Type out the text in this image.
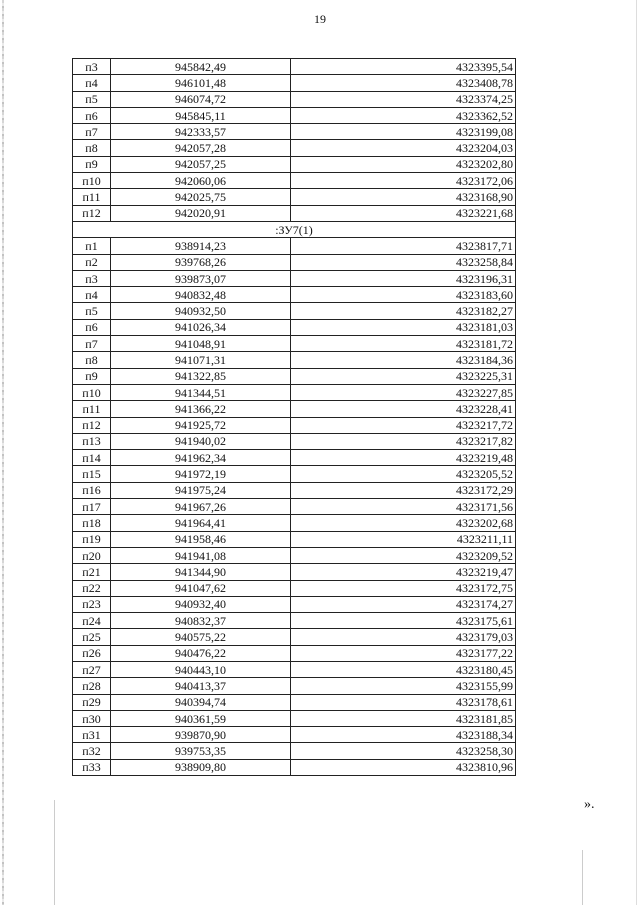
19
п3	945842,49	4323395,54
п4	946101,48	4323408,78
п5	946074,72	4323374,25
п6	945845,11	4323362,52
п7	942333,57	4323199,08
п8	942057,28	4323204,03
п9	942057,25	4323202,80
п10	942060,06	4323172,06
п11	942025,75	4323168,90
п12	942020,91	4323221,68
:ЗУ7(1)		
п1	938914,23	4323817,71
п2	939768,26	4323258,84
п3	939873,07	4323196,31
п4	940832,48	4323183,60
п5	940932,50	4323182,27
п6	941026,34	4323181,03
п7	941048,91	4323181,72
п8	941071,31	4323184,36
п9	941322,85	4323225,31
п10	941344,51	4323227,85
п11	941366,22	4323228,41
п12	941925,72	4323217,72
п13	941940,02	4323217,82
п14	941962,34	4323219,48
п15	941972,19	4323205,52
п16	941975,24	4323172,29
п17	941967,26	4323171,56
п18	941964,41	4323202,68
п19	941958,46	4323211,11
п20	941941,08	4323209,52
п21	941344,90	4323219,47
п22	941047,62	4323172,75
п23	940932,40	4323174,27
п24	940832,37	4323175,61
п25	940575,22	4323179,03
п26	940476,22	4323177,22
п27	940443,10	4323180,45
п28	940413,37	4323155,99
п29	940394,74	4323178,61
п30	940361,59	4323181,85
п31	939870,90	4323188,34
п32	939753,35	4323258,30
п33	938909,80	4323810,96
».
